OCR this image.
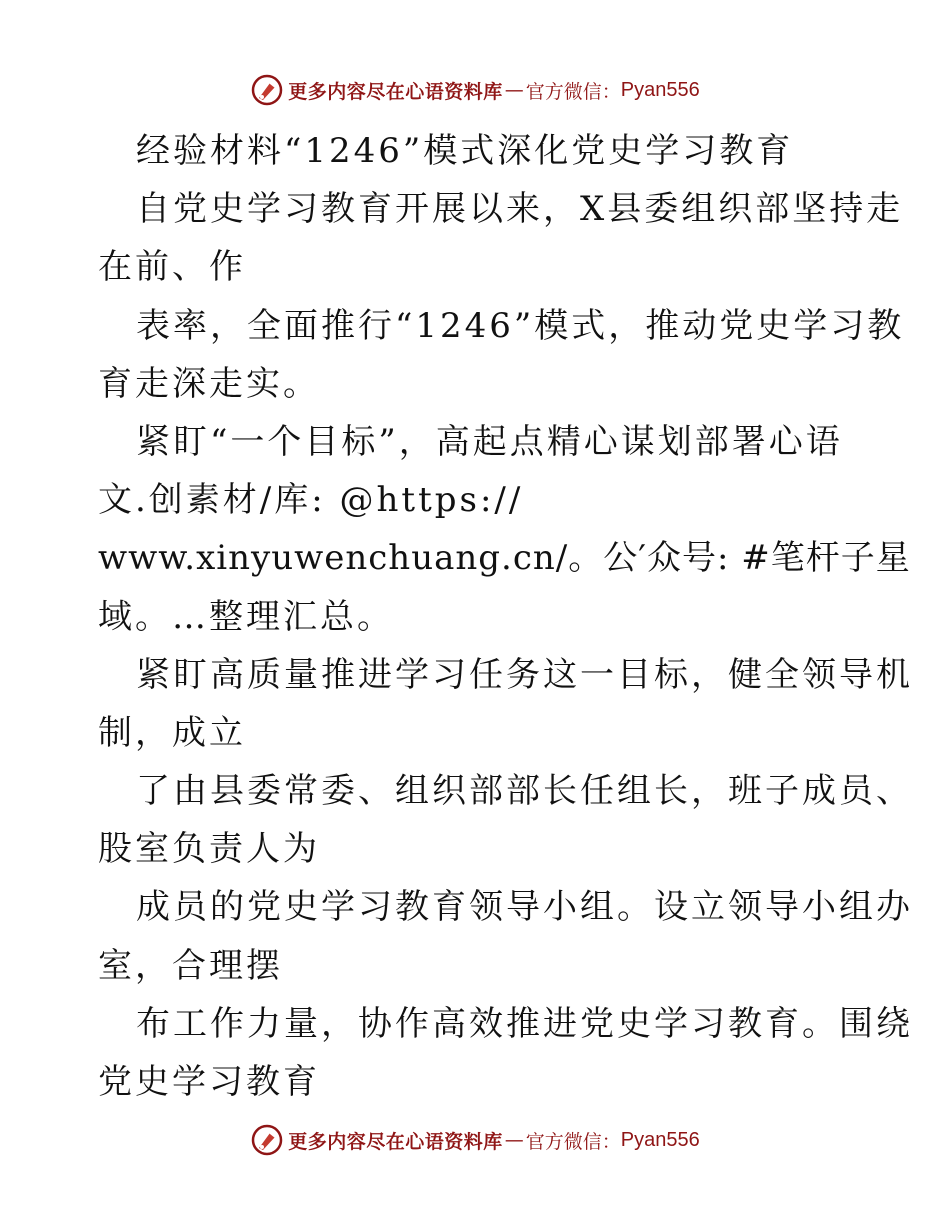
更多内容尽在心语资料库 — 官方微信： Pyan556
经验材料“1246”模式深化党史学习教育
自党史学习教育开展以来，X县委组织部坚持走
在前、作
表率，全面推行“1246”模式，推动党史学习教
育走深走实。
紧盯“一个目标”，高起点精心谋划部署心语
文.创素材/库: @https://
www.xinyuwenchuang.cn/。公′众号: #笔杆子星
域。…整理汇总。
紧盯高质量推进学习任务这一目标，健全领导机
制，成立
了由县委常委、组织部部长任组长，班子成员、
股室负责人为
成员的党史学习教育领导小组。设立领导小组办
室，合理摆
布工作力量，协作高效推进党史学习教育。围绕
党史学习教育
更多内容尽在心语资料库 — 官方微信： Pyan556
